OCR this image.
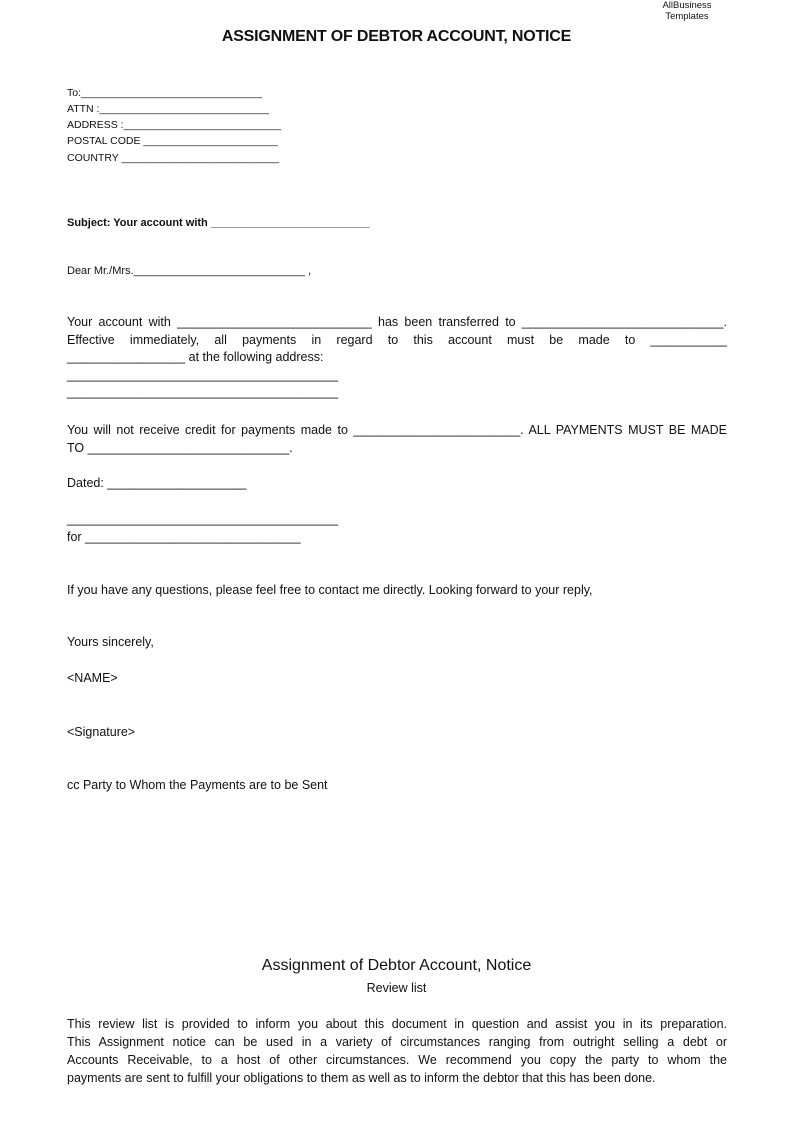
AllBusiness
Templates
ASSIGNMENT OF DEBTOR ACCOUNT, NOTICE
To:_______________________________
ATTN :_____________________________
ADDRESS :___________________________
POSTAL CODE _______________________
COUNTRY ___________________________
Subject: Your account with __________________________
Dear Mr./Mrs.____________________________ ,
Your account with ____________________________ has been transferred to _____________________________.
Effective immediately, all payments in regard to this account must be made to ___________
_________________ at the following address:
_______________________________________
_______________________________________
You will not receive credit for payments made to ________________________. ALL PAYMENTS MUST BE MADE
TO _____________________________.
Dated: ____________________
_______________________________________
for _______________________________
If you have any questions, please feel free to contact me directly. Looking forward to your reply,
Yours sincerely,
<NAME>
<Signature>
cc Party to Whom the Payments are to be Sent
Assignment of Debtor Account, Notice
Review list
This review list is provided to inform you about this document in question and assist you in its preparation.
This Assignment notice can be used in a variety of circumstances ranging from outright selling a debt or
Accounts Receivable, to a host of other circumstances. We recommend you copy the party to whom the
payments are sent to fulfill your obligations to them as well as to inform the debtor that this has been done.
